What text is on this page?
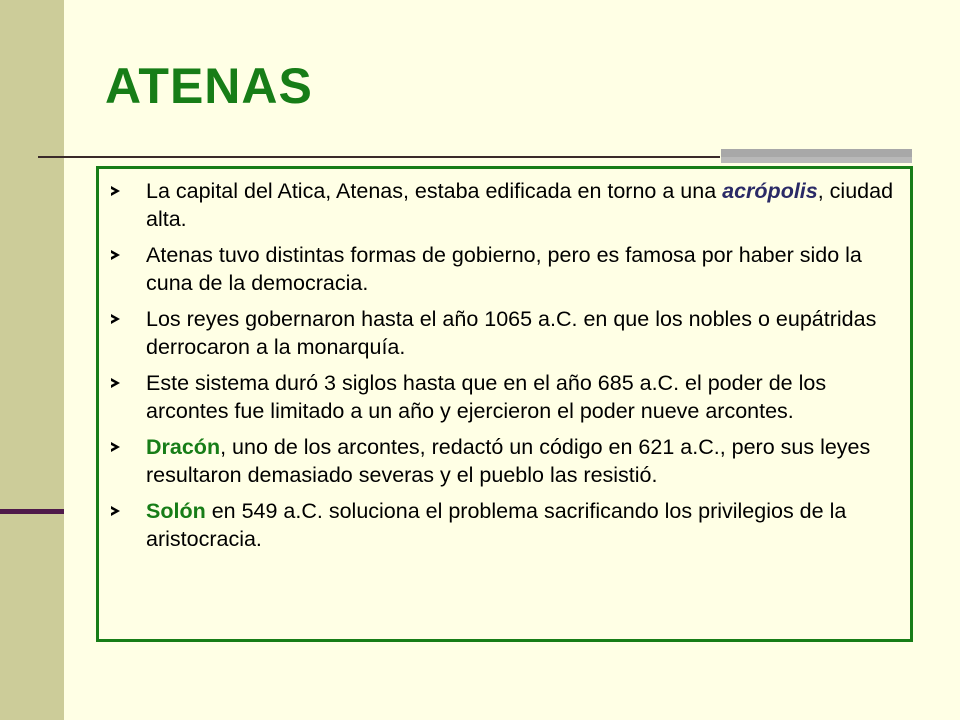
ATENAS
La capital del Atica, Atenas, estaba edificada en torno a una acrópolis, ciudad alta.
Atenas tuvo distintas formas de gobierno, pero es famosa por haber sido la cuna de la democracia.
Los reyes gobernaron hasta el año 1065 a.C. en que los nobles o eupátridas derrocaron a la monarquía.
Este sistema duró 3 siglos hasta que en el año 685 a.C. el poder de los arcontes fue limitado a un año y ejercieron el poder nueve arcontes.
Dracón, uno de los arcontes, redactó un código en 621 a.C., pero sus leyes resultaron demasiado severas y el pueblo las resistió.
Solón en 549 a.C. soluciona el problema sacrificando los privilegios de la aristocracia.
